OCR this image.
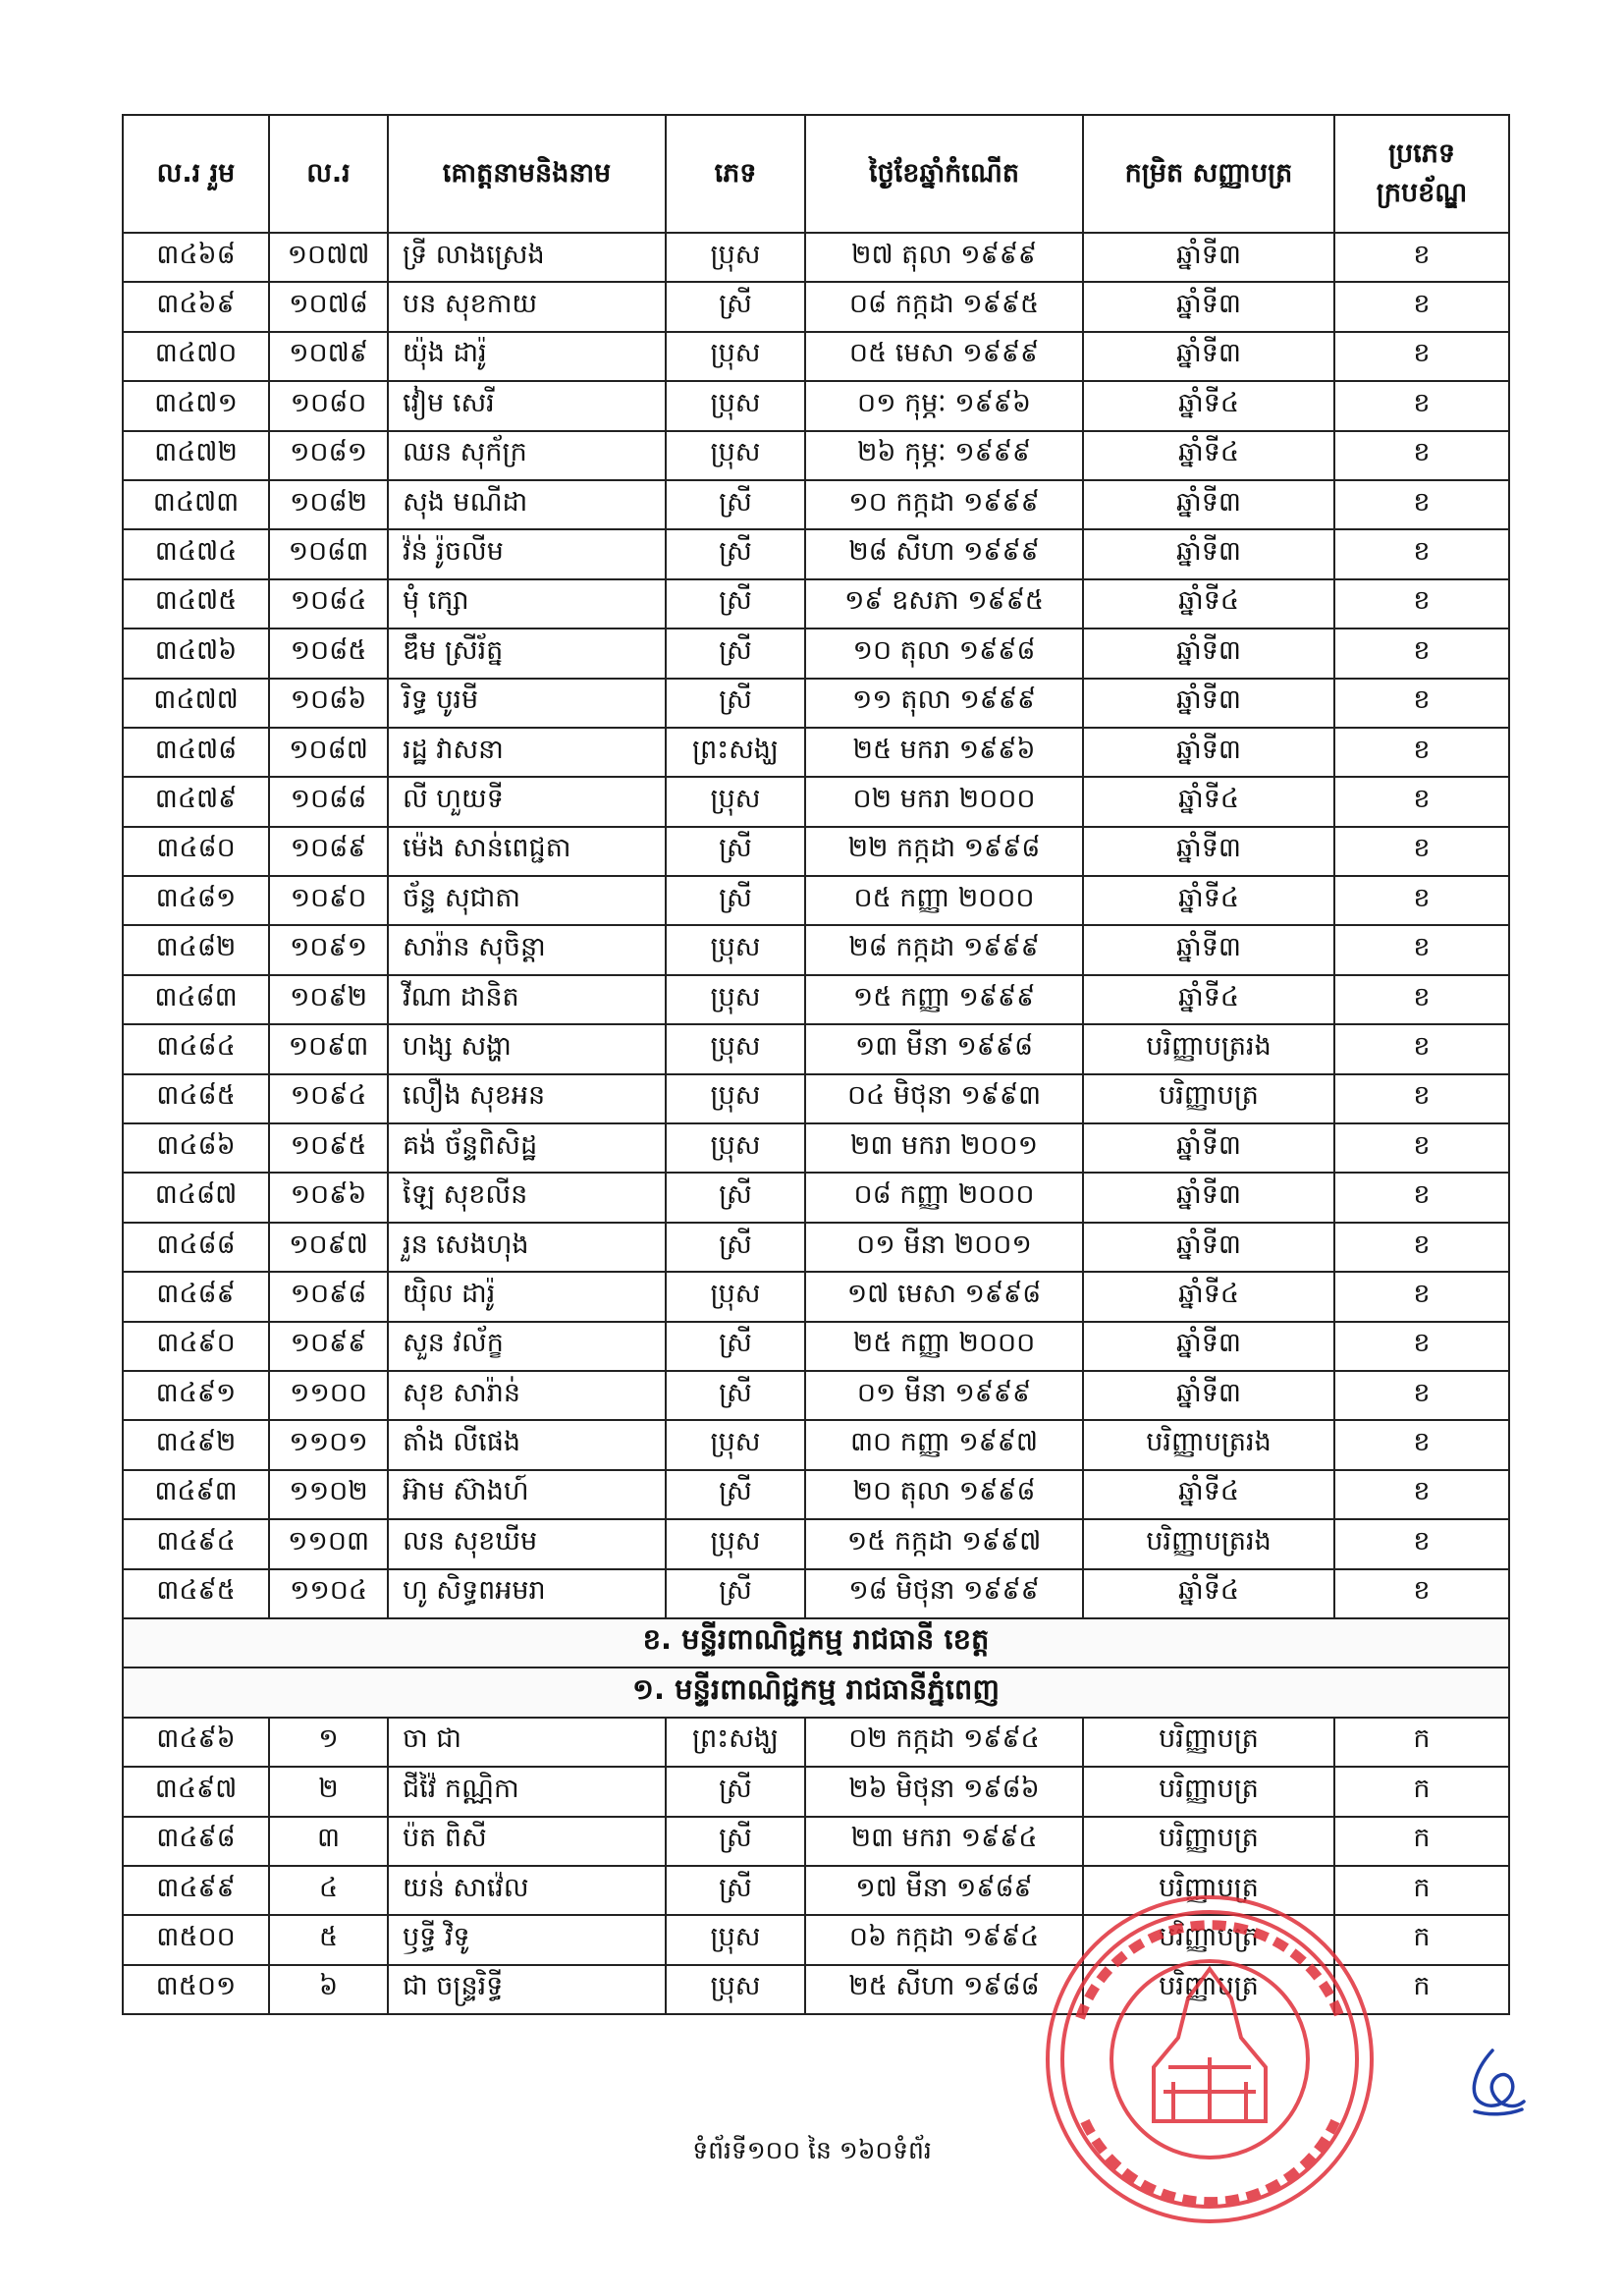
ល.រ រួម	ល.រ	គោត្តនាមនិងនាម	ភេទ	ថ្ងៃខែឆ្នាំកំណើត	កម្រិត សញ្ញាបត្រ	ប្រភេទ ក្របខ័ណ្ឌ
៣៤៦៨	១០៧៧	ទ្រី លាងស្រេង	ប្រុស	២៧ តុលា ១៩៩៩	ឆ្នាំទី៣	ខ
៣៤៦៩	១០៧៨	បន សុខកាយ	ស្រី	០៨ កក្កដា ១៩៩៥	ឆ្នាំទី៣	ខ
៣៤៧០	១០៧៩	យ៉ុង ដារ៉ូ	ប្រុស	០៥ មេសា ១៩៩៩	ឆ្នាំទី៣	ខ
៣៤៧១	១០៨០	វៀម សេរី	ប្រុស	០១ កុម្ភៈ ១៩៩៦	ឆ្នាំទី៤	ខ
៣៤៧២	១០៨១	ឈន សុក័ក្រ	ប្រុស	២៦ កុម្ភៈ ១៩៩៩	ឆ្នាំទី៤	ខ
៣៤៧៣	១០៨២	សុង មណីដា	ស្រី	១០ កក្កដា ១៩៩៩	ឆ្នាំទី៣	ខ
៣៤៧៤	១០៨៣	វ៉ន់ រ៉ូចលីម	ស្រី	២៨ សីហា ១៩៩៩	ឆ្នាំទី៣	ខ
៣៤៧៥	១០៨៤	មុំ ក្សោ	ស្រី	១៩ ឧសភា ១៩៩៥	ឆ្នាំទី៤	ខ
៣៤៧៦	១០៨៥	ឌឹម ស្រីរ័ត្ន	ស្រី	១០ តុលា ១៩៩៨	ឆ្នាំទី៣	ខ
៣៤៧៧	១០៨៦	រិទ្ធ បូរមី	ស្រី	១១ តុលា ១៩៩៩	ឆ្នាំទី៣	ខ
៣៤៧៨	១០៨៧	រដ្ឋ វាសនា	ព្រះសង្ឃ	២៥ មករា ១៩៩៦	ឆ្នាំទី៣	ខ
៣៤៧៩	១០៨៨	លី ហួយទី	ប្រុស	០២ មករា ២០០០	ឆ្នាំទី៤	ខ
៣៤៨០	១០៨៩	ម៉េង សាន់ពេជ្ជតា	ស្រី	២២ កក្កដា ១៩៩៨	ឆ្នាំទី៣	ខ
៣៤៨១	១០៩០	ច័ន្ទ សុជាតា	ស្រី	០៥ កញ្ញា ២០០០	ឆ្នាំទី៤	ខ
៣៤៨២	១០៩១	សារ៉ាន សុចិន្តា	ប្រុស	២៨ កក្កដា ១៩៩៩	ឆ្នាំទី៣	ខ
៣៤៨៣	១០៩២	វីណា ដានិត	ប្រុស	១៥ កញ្ញា ១៩៩៩	ឆ្នាំទី៤	ខ
៣៤៨៤	១០៩៣	ហង្ស សង្ហា	ប្រុស	១៣ មីនា ១៩៩៨	បរិញ្ញាបត្ររង	ខ
៣៤៨៥	១០៩៤	លឿង សុខអន	ប្រុស	០៤ មិថុនា ១៩៩៣	បរិញ្ញាបត្រ	ខ
៣៤៨៦	១០៩៥	គង់ ច័ន្ទពិសិដ្ឋ	ប្រុស	២៣ មករា ២០០១	ឆ្នាំទី៣	ខ
៣៤៨៧	១០៩៦	ឡៃ សុខលីន	ស្រី	០៨ កញ្ញា ២០០០	ឆ្នាំទី៣	ខ
៣៤៨៨	១០៩៧	រួន សេងហុង	ស្រី	០១ មីនា ២០០១	ឆ្នាំទី៣	ខ
៣៤៨៩	១០៩៨	យ៉ិល ដារ៉ូ	ប្រុស	១៧ មេសា ១៩៩៨	ឆ្នាំទី៤	ខ
៣៤៩០	១០៩៩	សួន វល័ក្ខ	ស្រី	២៥ កញ្ញា ២០០០	ឆ្នាំទី៣	ខ
៣៤៩១	១១០០	សុខ សារ៉ាន់	ស្រី	០១ មីនា ១៩៩៩	ឆ្នាំទី៣	ខ
៣៤៩២	១១០១	តាំង លីផេង	ប្រុស	៣០ កញ្ញា ១៩៩៧	បរិញ្ញាបត្ររង	ខ
៣៤៩៣	១១០២	អ៊ាម ស៊ាងហ៍	ស្រី	២០ តុលា ១៩៩៨	ឆ្នាំទី៤	ខ
៣៤៩៤	១១០៣	លន សុខឃីម	ប្រុស	១៥ កក្កដា ១៩៩៧	បរិញ្ញាបត្ររង	ខ
៣៤៩៥	១១០៤	ហូ សិទ្ធពអមរា	ស្រី	១៨ មិថុនា ១៩៩៩	ឆ្នាំទី៤	ខ
ខ. មន្ទីរពាណិជ្ជកម្ម រាជធានី ខេត្ត						
១. មន្ទីរពាណិជ្ជកម្ម រាជធានីភ្នំពេញ						
៣៤៩៦	១	ចា ជា	ព្រះសង្ឃ	០២ កក្កដា ១៩៩៤	បរិញ្ញាបត្រ	ក
៣៤៩៧	២	ជីវ៉ៃ កណ្ណិកា	ស្រី	២៦ មិថុនា ១៩៨៦	បរិញ្ញាបត្រ	ក
៣៤៩៨	៣	ប៉ត ពិសី	ស្រី	២៣ មករា ១៩៩៤	បរិញ្ញាបត្រ	ក
៣៤៩៩	៤	យន់ សាវ៉េល	ស្រី	១៧ មីនា ១៩៨៩	បរិញ្ញាបត្រ	ក
៣៥០០	៥	ឫទ្ធី វិទូ	ប្រុស	០៦ កក្កដា ១៩៩៤	បរិញ្ញាបត្រ	ក
៣៥០១	៦	ជា ចន្ទ្ររិទ្ធី	ប្រុស	២៥ សីហា ១៩៨៨	បរិញ្ញាបត្រ	ក
ទំព័រទី១០០ នៃ ១៦០ទំព័រ
